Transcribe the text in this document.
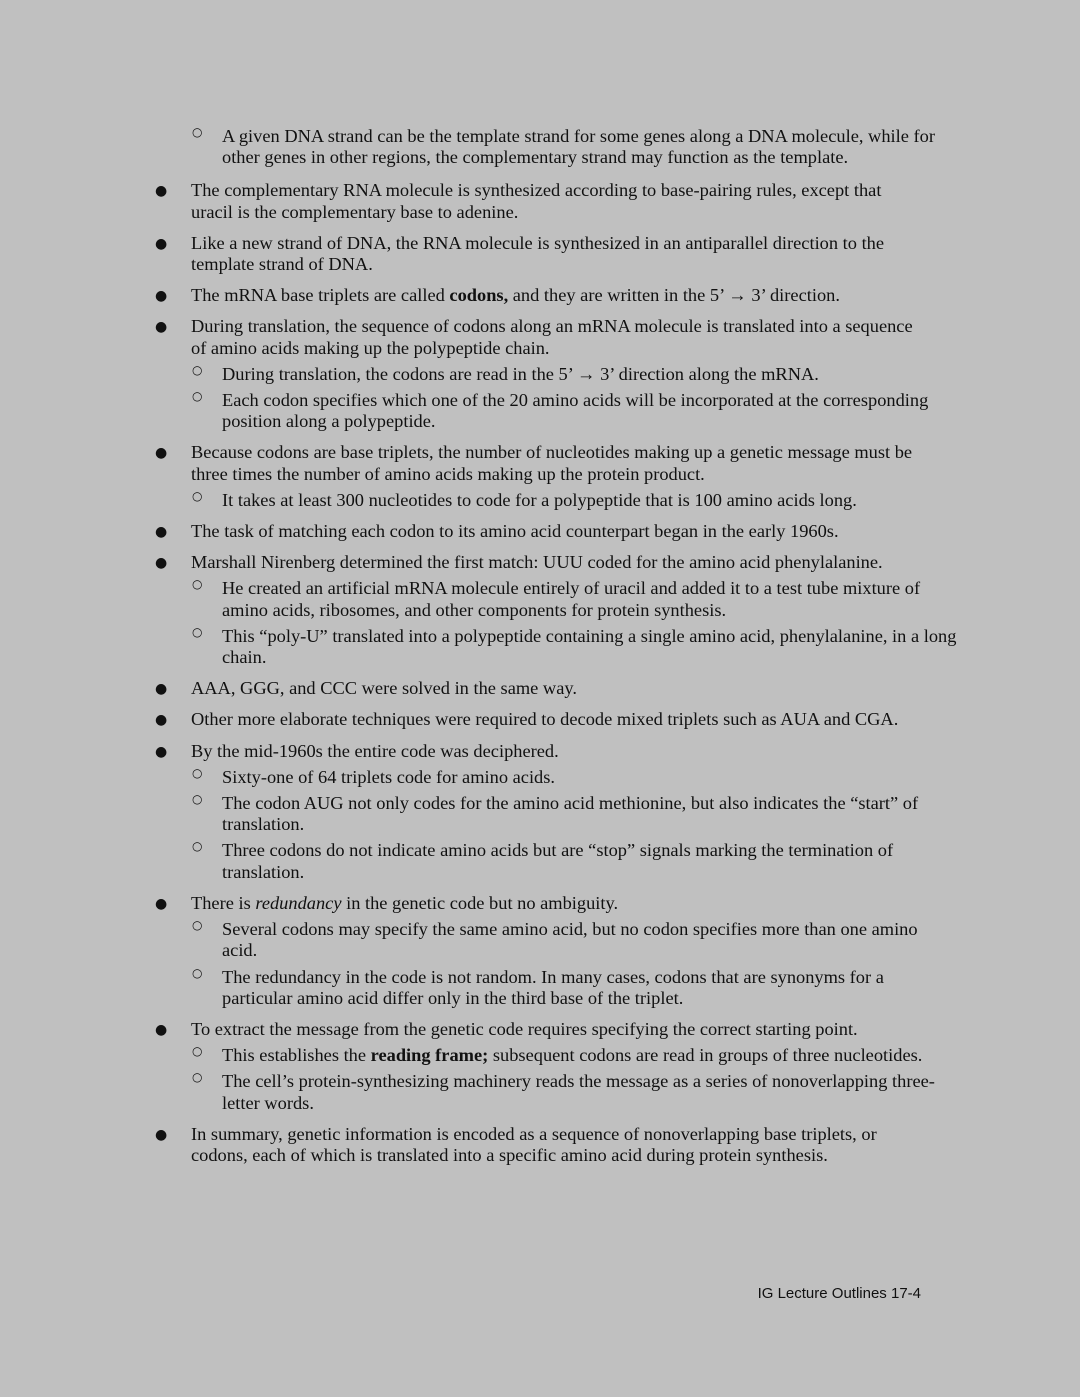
○ A given DNA strand can be the template strand for some genes along a DNA molecule, while for other genes in other regions, the complementary strand may function as the template.
● The complementary RNA molecule is synthesized according to base-pairing rules, except that uracil is the complementary base to adenine.
● Like a new strand of DNA, the RNA molecule is synthesized in an antiparallel direction to the template strand of DNA.
● The mRNA base triplets are called codons, and they are written in the 5’ → 3’ direction.
● During translation, the sequence of codons along an mRNA molecule is translated into a sequence of amino acids making up the polypeptide chain.
○ During translation, the codons are read in the 5’ → 3’ direction along the mRNA.
○ Each codon specifies which one of the 20 amino acids will be incorporated at the corresponding position along a polypeptide.
● Because codons are base triplets, the number of nucleotides making up a genetic message must be three times the number of amino acids making up the protein product.
○ It takes at least 300 nucleotides to code for a polypeptide that is 100 amino acids long.
● The task of matching each codon to its amino acid counterpart began in the early 1960s.
● Marshall Nirenberg determined the first match: UUU coded for the amino acid phenylalanine.
○ He created an artificial mRNA molecule entirely of uracil and added it to a test tube mixture of amino acids, ribosomes, and other components for protein synthesis.
○ This “poly-U” translated into a polypeptide containing a single amino acid, phenylalanine, in a long chain.
● AAA, GGG, and CCC were solved in the same way.
● Other more elaborate techniques were required to decode mixed triplets such as AUA and CGA.
● By the mid-1960s the entire code was deciphered.
○ Sixty-one of 64 triplets code for amino acids.
○ The codon AUG not only codes for the amino acid methionine, but also indicates the “start” of translation.
○ Three codons do not indicate amino acids but are “stop” signals marking the termination of translation.
● There is redundancy in the genetic code but no ambiguity.
○ Several codons may specify the same amino acid, but no codon specifies more than one amino acid.
○ The redundancy in the code is not random. In many cases, codons that are synonyms for a particular amino acid differ only in the third base of the triplet.
● To extract the message from the genetic code requires specifying the correct starting point.
○ This establishes the reading frame; subsequent codons are read in groups of three nucleotides.
○ The cell’s protein-synthesizing machinery reads the message as a series of nonoverlapping three-letter words.
● In summary, genetic information is encoded as a sequence of nonoverlapping base triplets, or codons, each of which is translated into a specific amino acid during protein synthesis.
IG Lecture Outlines 17-4
